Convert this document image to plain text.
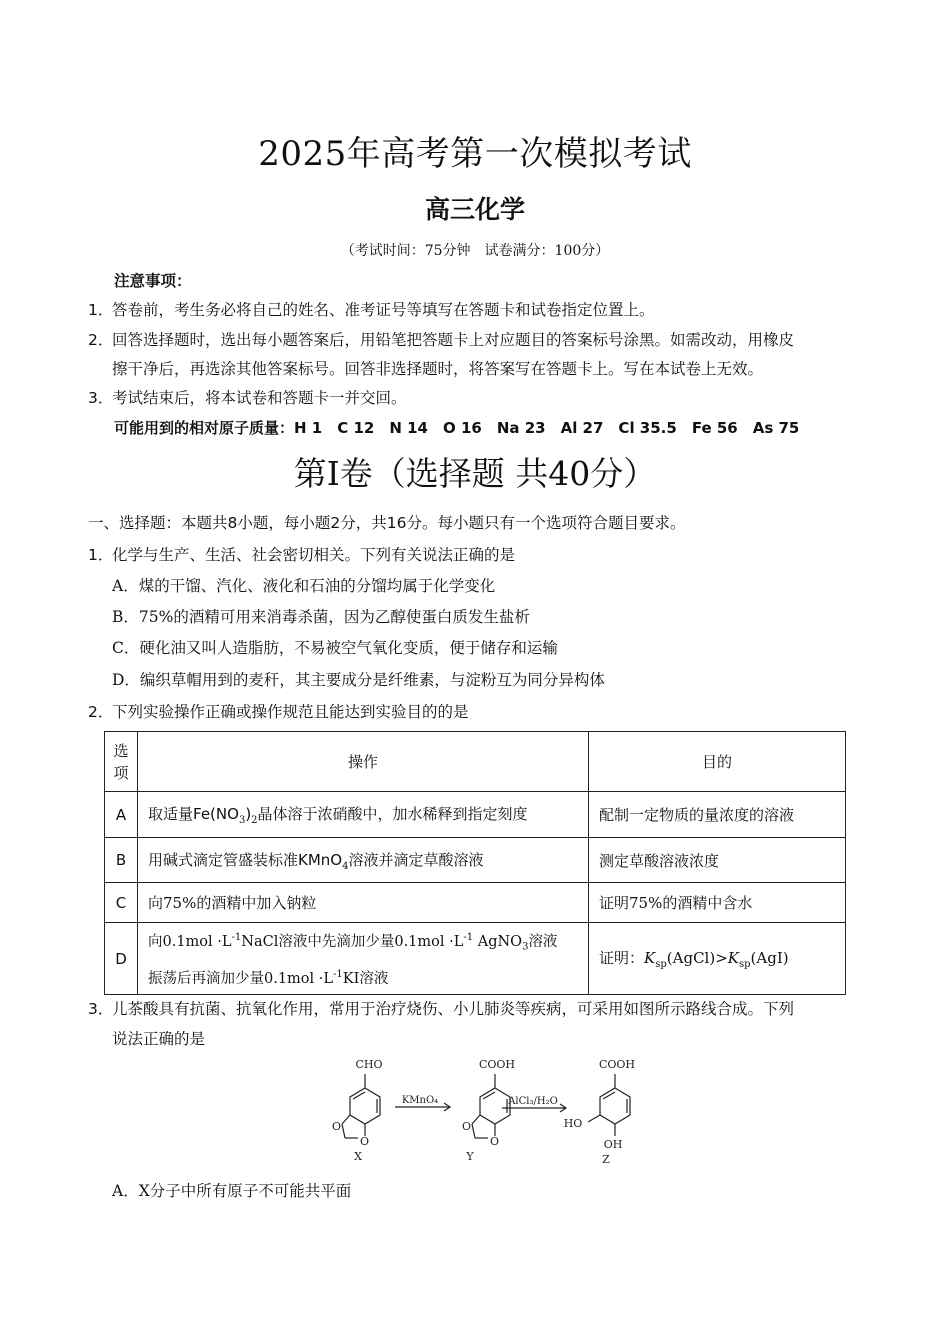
2025年高考第一次模拟考试
高三化学
（考试时间：75分钟　试卷满分：100分）
注意事项：
1．答卷前，考生务必将自己的姓名、准考证号等填写在答题卡和试卷指定位置上。
2．回答选择题时，选出每小题答案后，用铅笔把答题卡上对应题目的答案标号涂黑。如需改动，用橡皮
擦干净后，再选涂其他答案标号。回答非选择题时，将答案写在答题卡上。写在本试卷上无效。
3．考试结束后，将本试卷和答题卡一并交回。
可能用到的相对原子质量：H 1　C 12　N 14　O 16　Na 23　Al 27　Cl 35.5　Fe 56　As 75
第Ⅰ卷（选择题 共40分）
一、选择题：本题共8小题，每小题2分，共16分。每小题只有一个选项符合题目要求。
1．化学与生产、生活、社会密切相关。下列有关说法正确的是
A．煤的干馏、汽化、液化和石油的分馏均属于化学变化
B．75%的酒精可用来消毒杀菌，因为乙醇使蛋白质发生盐析
C．硬化油又叫人造脂肪，不易被空气氧化变质，便于储存和运输
D．编织草帽用到的麦秆，其主要成分是纤维素，与淀粉互为同分异构体
2．下列实验操作正确或操作规范且能达到实验目的的是
选
项	操作	目的
A	取适量$Fe(NO_3)_2$晶体溶于浓硝酸中，加水稀释到指定刻度	配制一定物质的量浓度的溶液
B	用碱式滴定管盛装标准KMnO$_4$溶液并滴定草酸溶液	测定草酸溶液浓度
C	向75%的酒精中加入钠粒	证明75%的酒精中含水
D	向$0.1mol \cdot L^{-1}NaCl$溶液中先滴加少量$0.1mol \cdot L^{-1}$ AgNO$_3$溶液
振荡后再滴加少量$0.1mol \cdot L^{-1}KI$溶液	证明：$K_{sp}(AgCl)>K_{sp}(AgI)$
3．儿茶酸具有抗菌、抗氧化作用，常用于治疗烧伤、小儿肺炎等疾病，可采用如图所示路线合成。下列
说法正确的是
CHO
O
O
X
KMnO₄
COOH
O
O
Y
AlCl₃/H₂O
COOH
HO
OH
Z
A．X分子中所有原子不可能共平面
